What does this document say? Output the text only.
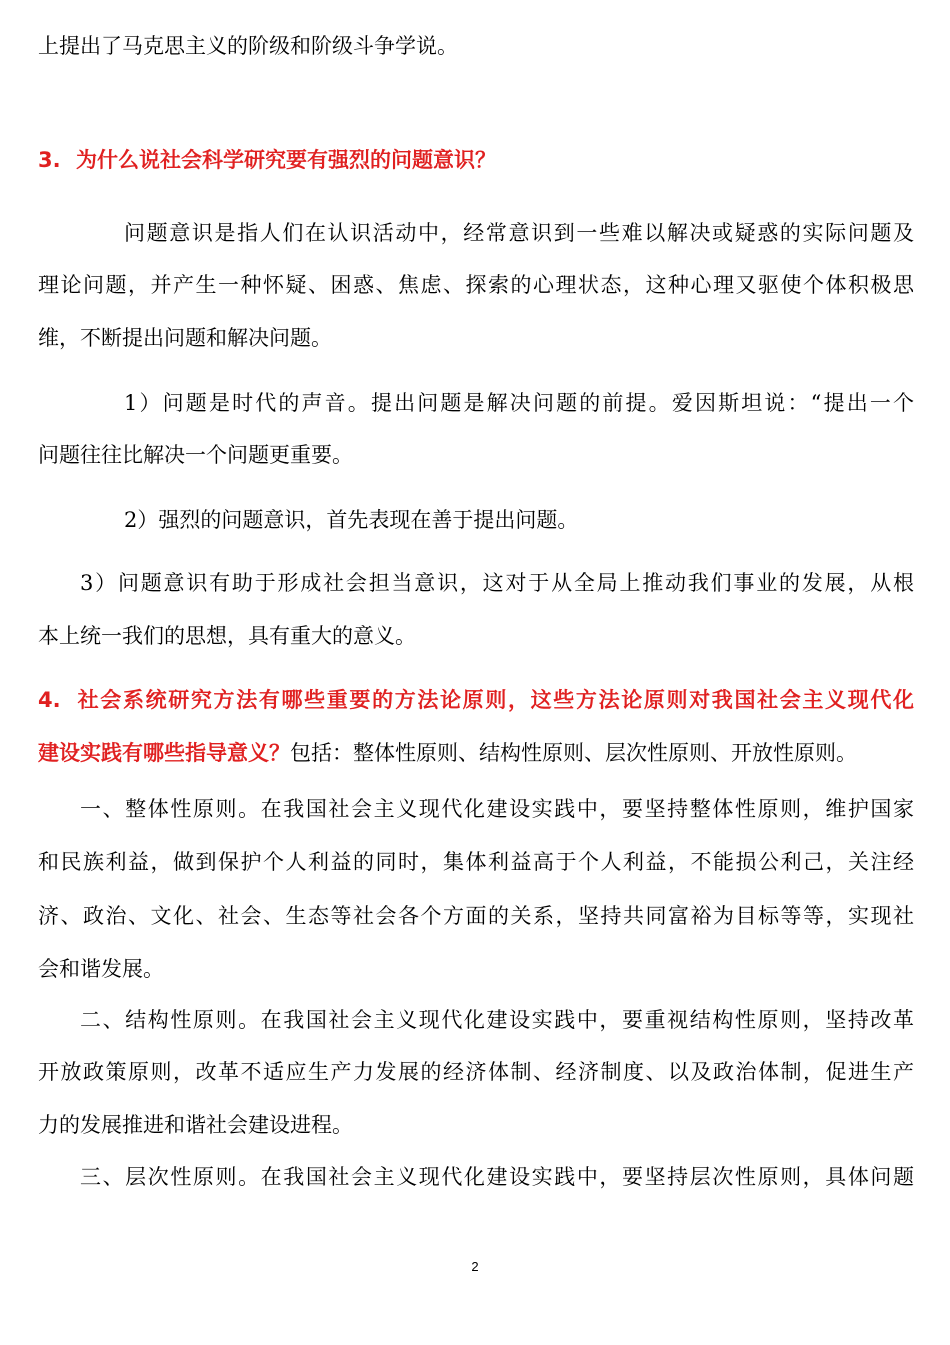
上提出了马克思主义的阶级和阶级斗争学说。
3. 为什么说社会科学研究要有强烈的问题意识？
问题意识是指人们在认识活动中，经常意识到一些难以解决或疑惑的实际问题及
理论问题，并产生一种怀疑、困惑、焦虑、探索的心理状态，这种心理又驱使个体积极思
维，不断提出问题和解决问题。
1）问题是时代的声音。提出问题是解决问题的前提。爱因斯坦说：“提出一个
问题往往比解决一个问题更重要。
2）强烈的问题意识，首先表现在善于提出问题。
3）问题意识有助于形成社会担当意识，这对于从全局上推动我们事业的发展，从根
本上统一我们的思想，具有重大的意义。
4. 社会系统研究方法有哪些重要的方法论原则，这些方法论原则对我国社会主义现代化
建设实践有哪些指导意义？包括：整体性原则、结构性原则、层次性原则、开放性原则。
一、整体性原则。在我国社会主义现代化建设实践中，要坚持整体性原则，维护国家
和民族利益，做到保护个人利益的同时，集体利益高于个人利益，不能损公利己，关注经
济、政治、文化、社会、生态等社会各个方面的关系，坚持共同富裕为目标等等，实现社
会和谐发展。
二、结构性原则。在我国社会主义现代化建设实践中，要重视结构性原则，坚持改革
开放政策原则，改革不适应生产力发展的经济体制、经济制度、以及政治体制，促进生产
力的发展推进和谐社会建设进程。
三、层次性原则。在我国社会主义现代化建设实践中，要坚持层次性原则，具体问题
2
